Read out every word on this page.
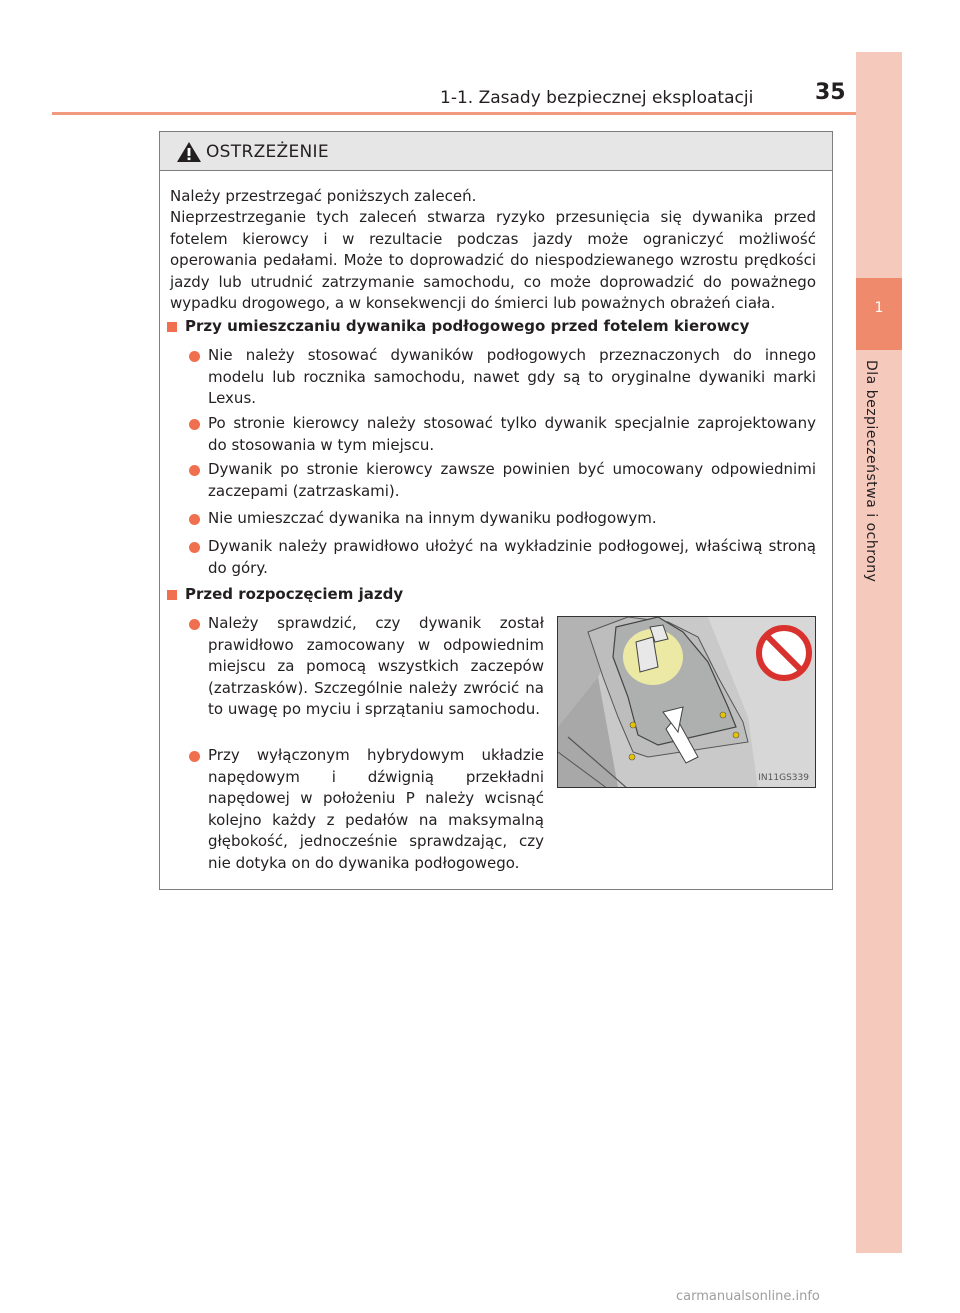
1
Dla bezpieczeństwa i ochrony
1-1. Zasady bezpiecznej eksploatacji	35
OSTRZEŻENIE
Należy przestrzegać poniższych zaleceń.
Nieprzestrzeganie tych zaleceń stwarza ryzyko przesunięcia się dywanika przed fotelem kierowcy i w rezultacie podczas jazdy może ograniczyć możliwość operowania pedałami. Może to doprowadzić do niespodziewanego wzrostu prędkości jazdy lub utrudnić zatrzymanie samochodu, co może doprowadzić do poważnego wypadku drogowego, a w konsekwencji do śmierci lub poważnych obrażeń ciała.
Przy umieszczaniu dywanika podłogowego przed fotelem kierowcy
Nie należy stosować dywaników podłogowych przeznaczonych do innego modelu lub rocznika samochodu, nawet gdy są to oryginalne dywaniki marki Lexus.
Po stronie kierowcy należy stosować tylko dywanik specjalnie zaprojektowany do stosowania w tym miejscu.
Dywanik po stronie kierowcy zawsze powinien być umocowany odpowiednimi zaczepami (zatrzaskami).
Nie umieszczać dywanika na innym dywaniku podłogowym.
Dywanik należy prawidłowo ułożyć na wykładzinie podłogowej, właściwą stroną do góry.
Przed rozpoczęciem jazdy
Należy sprawdzić, czy dywanik został prawidłowo zamocowany w odpowiednim miejscu za pomocą wszystkich zaczepów (zatrzasków). Szczególnie należy zwrócić na to uwagę po myciu i sprzątaniu samochodu.
Przy wyłączonym hybrydowym układzie napędowym i dźwignią przekładni napędowej w położeniu P należy wcisnąć kolejno każdy z pedałów na maksymalną głębokość, jednocześnie sprawdzając, czy nie dotyka on do dywanika podłogowego.
IN11GS339
carmanualsonline.info
